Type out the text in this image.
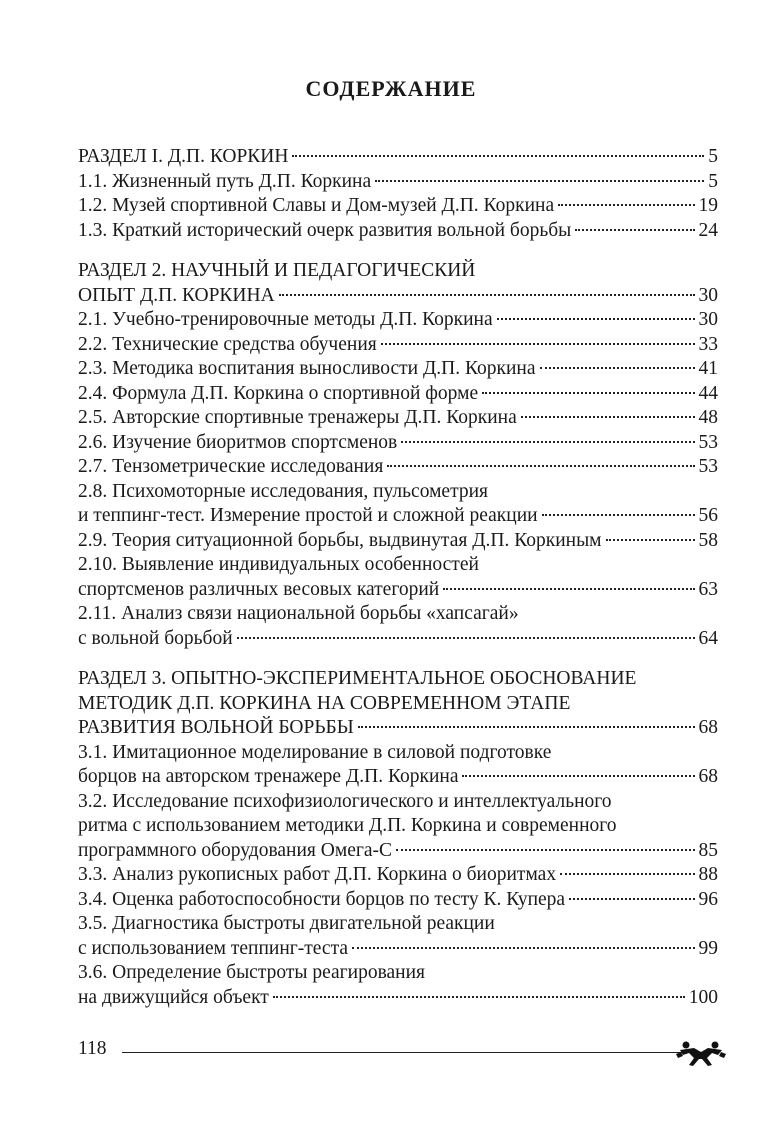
СОДЕРЖАНИЕ
РАЗДЕЛ I. Д.П. КОРКИН	5
1.1. Жизненный путь Д.П. Коркина	5
1.2. Музей спортивной Славы и Дом-музей Д.П. Коркина	19
1.3. Краткий исторический очерк развития вольной борьбы	24
РАЗДЕЛ 2. НАУЧНЫЙ И ПЕДАГОГИЧЕСКИЙ
ОПЫТ Д.П. КОРКИНА	30
2.1. Учебно-тренировочные методы Д.П. Коркина	30
2.2. Технические средства обучения	33
2.3. Методика воспитания выносливости Д.П. Коркина	41
2.4. Формула Д.П. Коркина о спортивной форме	44
2.5. Авторские спортивные тренажеры Д.П. Коркина	48
2.6. Изучение биоритмов спортсменов	53
2.7. Тензометрические исследования	53
2.8. Психомоторные исследования, пульсометрия
и теппинг-тест. Измерение простой и сложной реакции	56
2.9. Теория ситуационной борьбы, выдвинутая Д.П. Коркиным	58
2.10. Выявление индивидуальных особенностей
спортсменов различных весовых категорий	63
2.11. Анализ связи национальной борьбы «хапсагай»
с вольной борьбой	64
РАЗДЕЛ 3. ОПЫТНО-ЭКСПЕРИМЕНТАЛЬНОЕ ОБОСНОВАНИЕ
МЕТОДИК Д.П. КОРКИНА НА СОВРЕМЕННОМ ЭТАПЕ
РАЗВИТИЯ ВОЛЬНОЙ БОРЬБЫ	68
3.1. Имитационное моделирование в силовой подготовке
борцов на авторском тренажере Д.П. Коркина	68
3.2. Исследование психофизиологического и интеллектуального
ритма с использованием методики Д.П. Коркина и современного
программного оборудования Омега-С	85
3.3. Анализ рукописных работ Д.П. Коркина о биоритмах	88
3.4. Оценка работоспособности борцов по тесту К. Купера	96
3.5. Диагностика быстроты двигательной реакции
с использованием теппинг-теста	99
3.6. Определение быстроты реагирования
на движущийся объект	100
118
